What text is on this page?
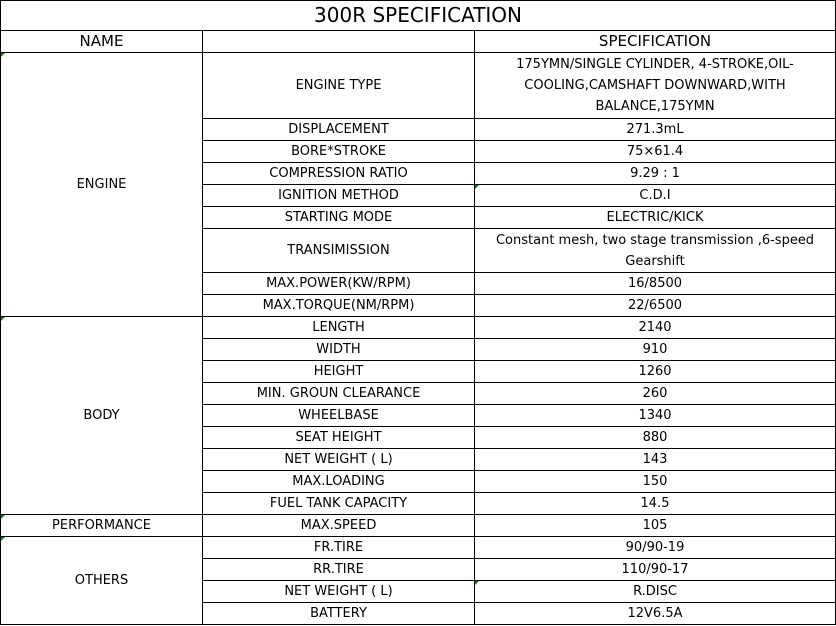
300R SPECIFICATION		
NAME		SPECIFICATION
ENGINE	ENGINE TYPE	175YMN/SINGLE CYLINDER, 4-STROKE,OIL-COOLING,CAMSHAFT DOWNWARD,WITH BALANCE,175YMN
	DISPLACEMENT	271.3mL
	BORE*STROKE	75×61.4
	COMPRESSION RATIO	9.29 : 1
	IGNITION METHOD	C.D.I
	STARTING MODE	ELECTRIC/KICK
	TRANSIMISSION	Constant mesh, two stage transmission ,6-speed Gearshift
	MAX.POWER(KW/RPM)	16/8500
	MAX.TORQUE(NM/RPM)	22/6500
BODY	LENGTH	2140
	WIDTH	910
	HEIGHT	1260
	MIN. GROUN CLEARANCE	260
	WHEELBASE	1340
	SEAT HEIGHT	880
	NET WEIGHT ( L)	143
	MAX.LOADING	150
	FUEL TANK CAPACITY	14.5
PERFORMANCE	MAX.SPEED	105
OTHERS	FR.TIRE	90/90-19
	RR.TIRE	110/90-17
	NET WEIGHT ( L)	R.DISC
	BATTERY	12V6.5A
